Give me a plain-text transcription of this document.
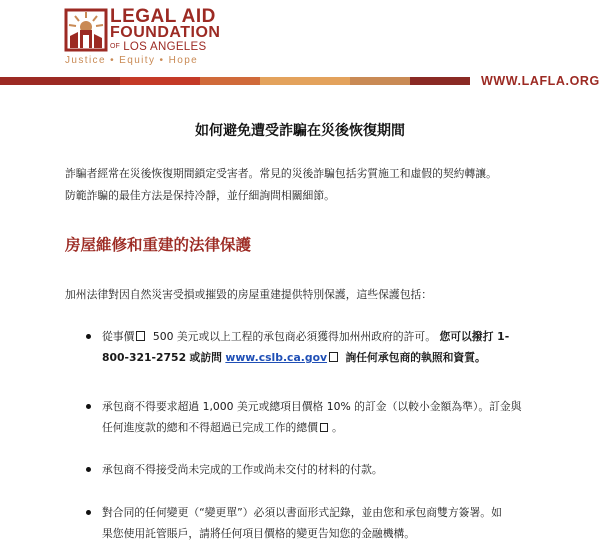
LEGAL AID
FOUNDATION
OF LOS ANGELES
Justice • Equity • Hope
WWW.LAFLA.ORG
如何避免遭受詐騙在災後恢復期間
詐騙者經常在災後恢復期間鎖定受害者。常見的災後詐騙包括劣質施工和虛假的契約轉讓。
防範詐騙的最佳方法是保持冷靜，並仔細詢問相關細節。
房屋維修和重建的法律保護
加州法律對因自然災害受損或摧毀的房屋重建提供特別保護，這些保護包括：
從事價 500 美元或以上工程的承包商必須獲得加州州政府的許可。 您可以撥打 1-
800-321-2752 或訪問 www.cslb.ca.gov 詢任何承包商的執照和資質。
承包商不得要求超過 1,000 美元或總項目價格 10% 的訂金（以較小金額為準）。訂金與
任何進度款的總和不得超過已完成工作的總價 。
承包商不得接受尚未完成的工作或尚未交付的材料的付款。
對合同的任何變更（“變更單”）必須以書面形式記錄，並由您和承包商雙方簽署。如
果您使用託管賬戶，請將任何項目價格的變更告知您的金融機構。
